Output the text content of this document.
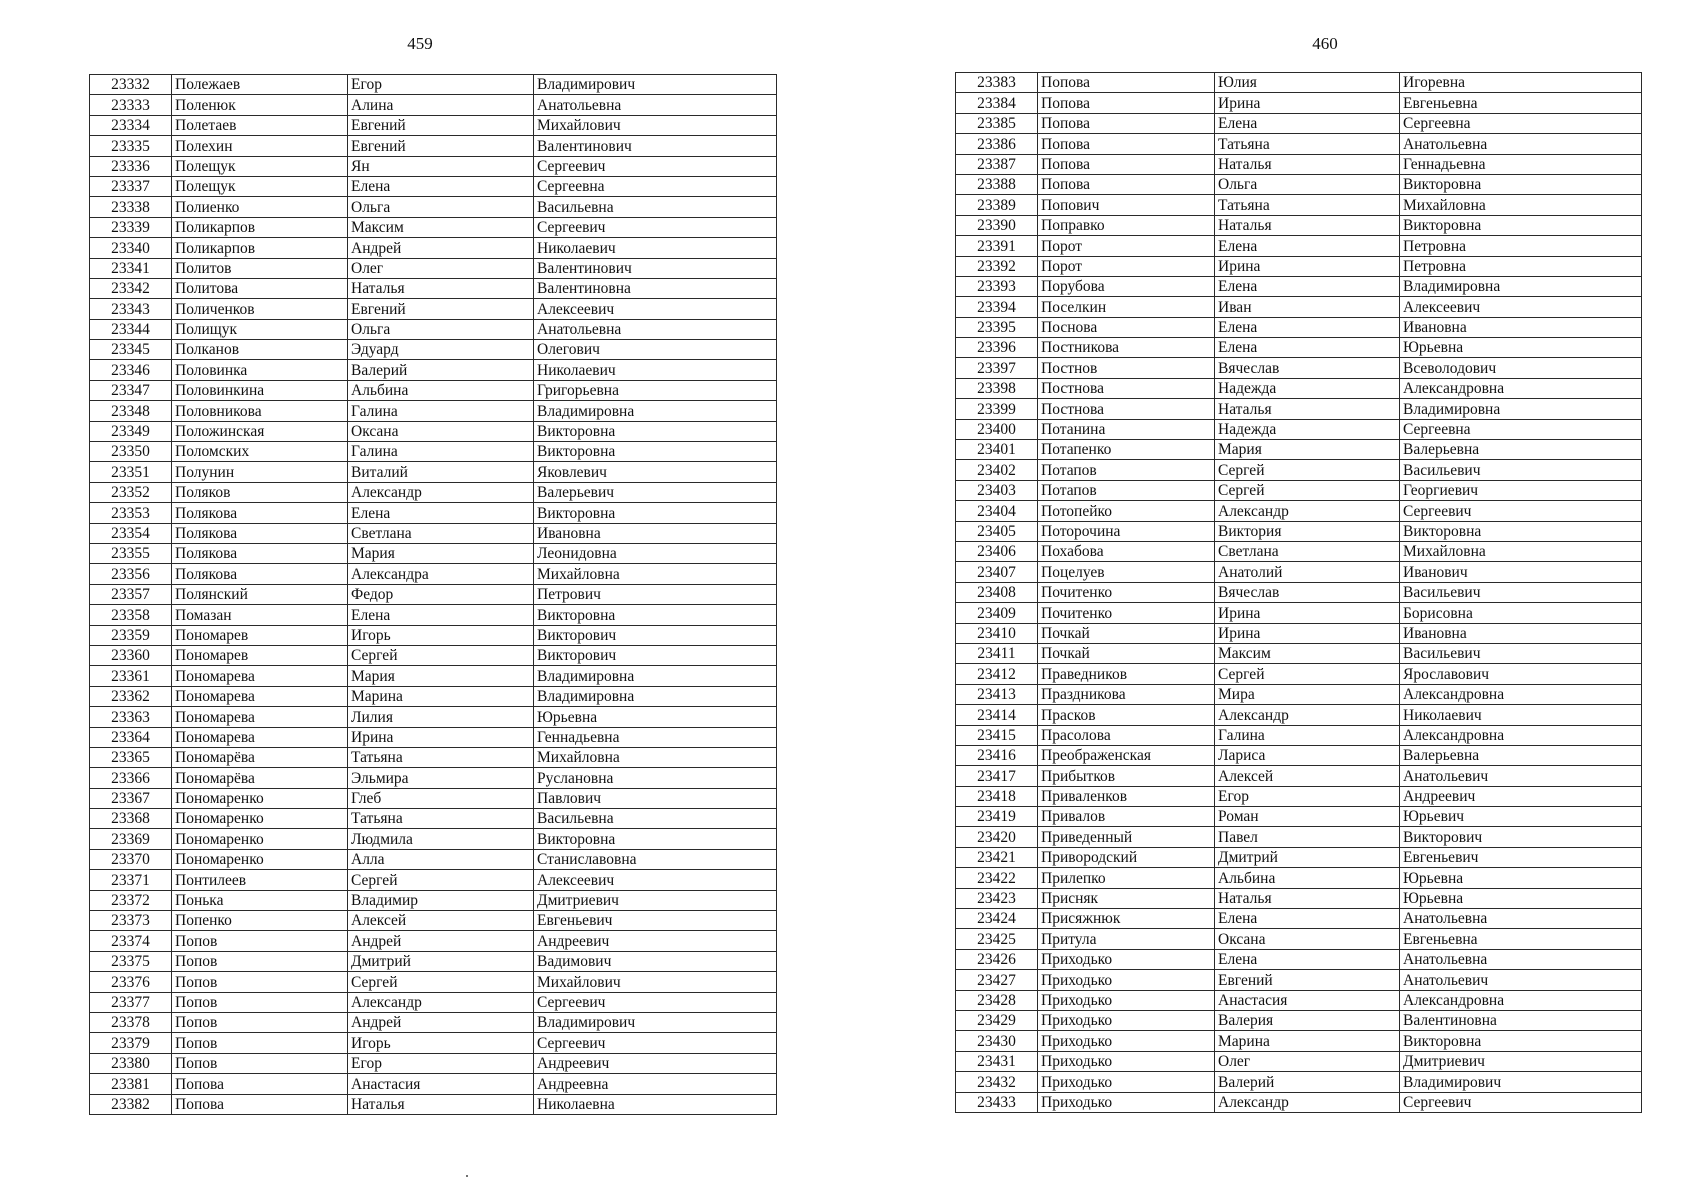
459
23332	Полежаев	Егор	Владимирович
23333	Поленюк	Алина	Анатольевна
23334	Полетаев	Евгений	Михайлович
23335	Полехин	Евгений	Валентинович
23336	Полещук	Ян	Сергеевич
23337	Полещук	Елена	Сергеевна
23338	Полиенко	Ольга	Васильевна
23339	Поликарпов	Максим	Сергеевич
23340	Поликарпов	Андрей	Николаевич
23341	Политов	Олег	Валентинович
23342	Политова	Наталья	Валентиновна
23343	Поличенков	Евгений	Алексеевич
23344	Полищук	Ольга	Анатольевна
23345	Полканов	Эдуард	Олегович
23346	Половинка	Валерий	Николаевич
23347	Половинкина	Альбина	Григорьевна
23348	Половникова	Галина	Владимировна
23349	Положинская	Оксана	Викторовна
23350	Поломских	Галина	Викторовна
23351	Полунин	Виталий	Яковлевич
23352	Поляков	Александр	Валерьевич
23353	Полякова	Елена	Викторовна
23354	Полякова	Светлана	Ивановна
23355	Полякова	Мария	Леонидовна
23356	Полякова	Александра	Михайловна
23357	Полянский	Федор	Петрович
23358	Помазан	Елена	Викторовна
23359	Пономарев	Игорь	Викторович
23360	Пономарев	Сергей	Викторович
23361	Пономарева	Мария	Владимировна
23362	Пономарева	Марина	Владимировна
23363	Пономарева	Лилия	Юрьевна
23364	Пономарева	Ирина	Геннадьевна
23365	Пономарёва	Татьяна	Михайловна
23366	Пономарёва	Эльмира	Руслановна
23367	Пономаренко	Глеб	Павлович
23368	Пономаренко	Татьяна	Васильевна
23369	Пономаренко	Людмила	Викторовна
23370	Пономаренко	Алла	Станиславовна
23371	Понтилеев	Сергей	Алексеевич
23372	Понька	Владимир	Дмитриевич
23373	Попенко	Алексей	Евгеньевич
23374	Попов	Андрей	Андреевич
23375	Попов	Дмитрий	Вадимович
23376	Попов	Сергей	Михайлович
23377	Попов	Александр	Сергеевич
23378	Попов	Андрей	Владимирович
23379	Попов	Игорь	Сергеевич
23380	Попов	Егор	Андреевич
23381	Попова	Анастасия	Андреевна
23382	Попова	Наталья	Николаевна
460
23383	Попова	Юлия	Игоревна
23384	Попова	Ирина	Евгеньевна
23385	Попова	Елена	Сергеевна
23386	Попова	Татьяна	Анатольевна
23387	Попова	Наталья	Геннадьевна
23388	Попова	Ольга	Викторовна
23389	Попович	Татьяна	Михайловна
23390	Поправко	Наталья	Викторовна
23391	Порот	Елена	Петровна
23392	Порот	Ирина	Петровна
23393	Порубова	Елена	Владимировна
23394	Поселкин	Иван	Алексеевич
23395	Поснова	Елена	Ивановна
23396	Постникова	Елена	Юрьевна
23397	Постнов	Вячеслав	Всеволодович
23398	Постнова	Надежда	Александровна
23399	Постнова	Наталья	Владимировна
23400	Потанина	Надежда	Сергеевна
23401	Потапенко	Мария	Валерьевна
23402	Потапов	Сергей	Васильевич
23403	Потапов	Сергей	Георгиевич
23404	Потопейко	Александр	Сергеевич
23405	Поторочина	Виктория	Викторовна
23406	Похабова	Светлана	Михайловна
23407	Поцелуев	Анатолий	Иванович
23408	Почитенко	Вячеслав	Васильевич
23409	Почитенко	Ирина	Борисовна
23410	Почкай	Ирина	Ивановна
23411	Почкай	Максим	Васильевич
23412	Праведников	Сергей	Ярославович
23413	Праздникова	Мира	Александровна
23414	Прасков	Александр	Николаевич
23415	Прасолова	Галина	Александровна
23416	Преображенская	Лариса	Валерьевна
23417	Прибытков	Алексей	Анатольевич
23418	Приваленков	Егор	Андреевич
23419	Привалов	Роман	Юрьевич
23420	Приведенный	Павел	Викторович
23421	Привородский	Дмитрий	Евгеньевич
23422	Прилепко	Альбина	Юрьевна
23423	Присняк	Наталья	Юрьевна
23424	Присяжнюк	Елена	Анатольевна
23425	Притула	Оксана	Евгеньевна
23426	Приходько	Елена	Анатольевна
23427	Приходько	Евгений	Анатольевич
23428	Приходько	Анастасия	Александровна
23429	Приходько	Валерия	Валентиновна
23430	Приходько	Марина	Викторовна
23431	Приходько	Олег	Дмитриевич
23432	Приходько	Валерий	Владимирович
23433	Приходько	Александр	Сергеевич
